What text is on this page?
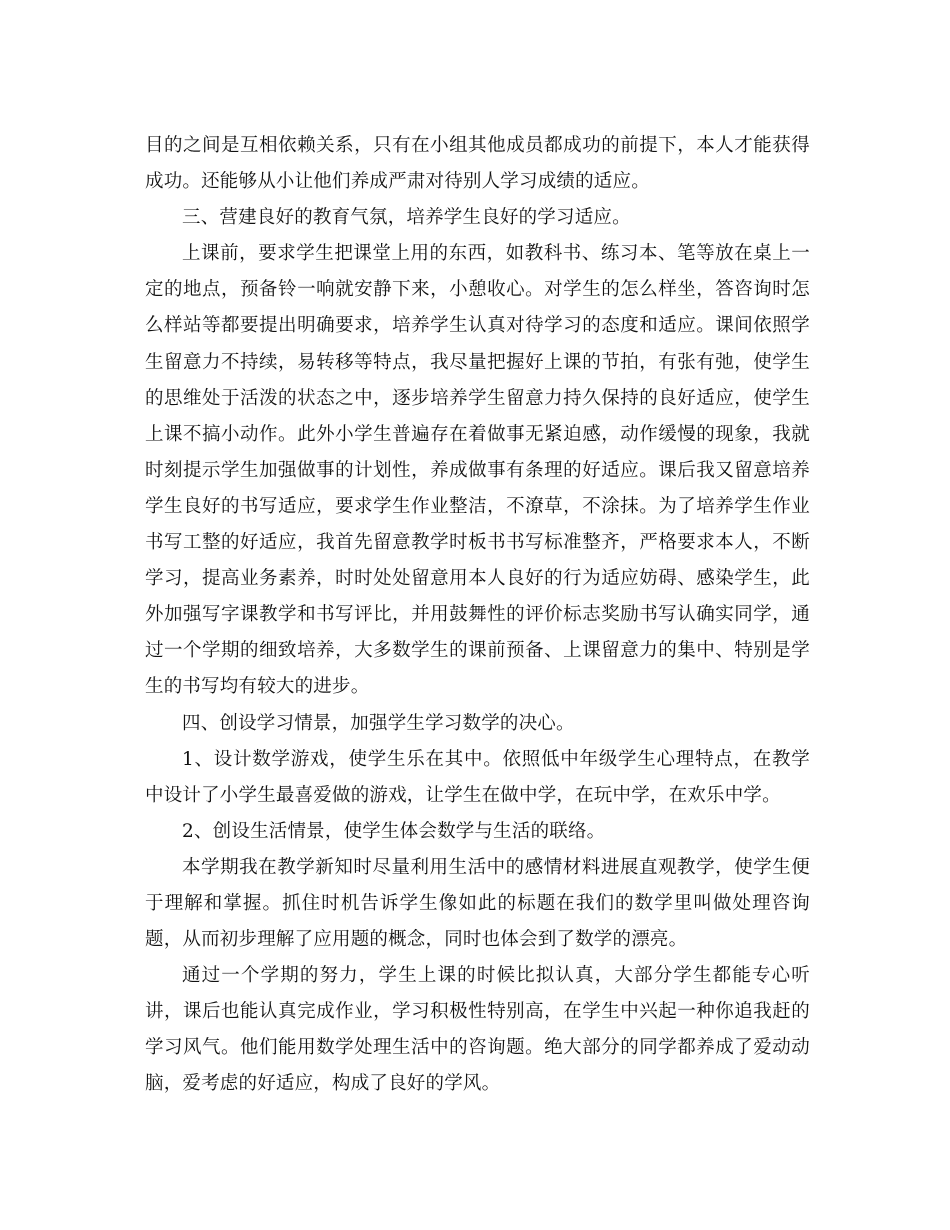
目的之间是互相依赖关系，只有在小组其他成员都成功的前提下，本人才能获得成功。还能够从小让他们养成严肃对待别人学习成绩的适应。

三、营建良好的教育气氛，培养学生良好的学习适应。

上课前，要求学生把课堂上用的东西，如教科书、练习本、笔等放在桌上一定的地点，预备铃一响就安静下来，小憩收心。对学生的怎么样坐，答咨询时怎么样站等都要提出明确要求，培养学生认真对待学习的态度和适应。课间依照学生留意力不持续，易转移等特点，我尽量把握好上课的节拍，有张有弛，使学生的思维处于活泼的状态之中，逐步培养学生留意力持久保持的良好适应，使学生上课不搞小动作。此外小学生普遍存在着做事无紧迫感，动作缓慢的现象，我就时刻提示学生加强做事的计划性，养成做事有条理的好适应。课后我又留意培养学生良好的书写适应，要求学生作业整洁，不潦草，不涂抹。为了培养学生作业书写工整的好适应，我首先留意教学时板书书写标准整齐，严格要求本人，不断学习，提高业务素养，时时处处留意用本人良好的行为适应妨碍、感染学生，此外加强写字课教学和书写评比，并用鼓舞性的评价标志奖励书写认确实同学，通过一个学期的细致培养，大多数学生的课前预备、上课留意力的集中、特别是学生的书写均有较大的进步。

四、创设学习情景，加强学生学习数学的决心。

1、设计数学游戏，使学生乐在其中。依照低中年级学生心理特点，在教学中设计了小学生最喜爱做的游戏，让学生在做中学，在玩中学，在欢乐中学。

2、创设生活情景，使学生体会数学与生活的联络。

本学期我在教学新知时尽量利用生活中的感情材料进展直观教学，使学生便于理解和掌握。抓住时机告诉学生像如此的标题在我们的数学里叫做处理咨询题，从而初步理解了应用题的概念，同时也体会到了数学的漂亮。

通过一个学期的努力，学生上课的时候比拟认真，大部分学生都能专心听讲，课后也能认真完成作业，学习积极性特别高，在学生中兴起一种你追我赶的学习风气。他们能用数学处理生活中的咨询题。绝大部分的同学都养成了爱动动脑，爱考虑的好适应，构成了良好的学风。
